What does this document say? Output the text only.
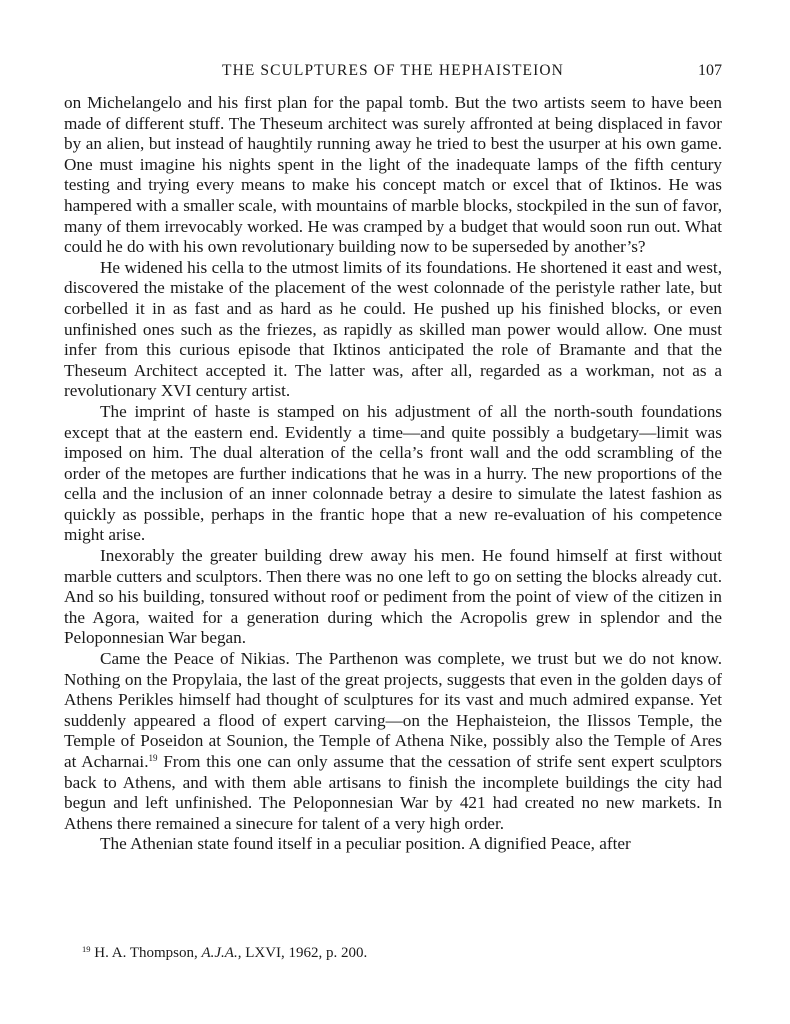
THE SCULPTURES OF THE HEPHAISTEION	107

on Michelangelo and his first plan for the papal tomb. But the two artists seem to have been made of different stuff. The Theseum architect was surely affronted at being displaced in favor by an alien, but instead of haughtily running away he tried to best the usurper at his own game. One must imagine his nights spent in the light of the inadequate lamps of the fifth century testing and trying every means to make his concept match or excel that of Iktinos. He was hampered with a smaller scale, with mountains of marble blocks, stockpiled in the sun of favor, many of them irrevocably worked. He was cramped by a budget that would soon run out. What could he do with his own revolutionary building now to be superseded by another’s?

He widened his cella to the utmost limits of its foundations. He shortened it east and west, discovered the mistake of the placement of the west colonnade of the peristyle rather late, but corbelled it in as fast and as hard as he could. He pushed up his finished blocks, or even unfinished ones such as the friezes, as rapidly as skilled man power would allow. One must infer from this curious episode that Iktinos anticipated the role of Bramante and that the Theseum Architect accepted it. The latter was, after all, regarded as a workman, not as a revolutionary XVI century artist.

The imprint of haste is stamped on his adjustment of all the north-south foundations except that at the eastern end. Evidently a time—and quite possibly a budgetary—limit was imposed on him. The dual alteration of the cella’s front wall and the odd scrambling of the order of the metopes are further indications that he was in a hurry. The new proportions of the cella and the inclusion of an inner colonnade betray a desire to simulate the latest fashion as quickly as possible, perhaps in the frantic hope that a new re-evaluation of his competence might arise.

Inexorably the greater building drew away his men. He found himself at first without marble cutters and sculptors. Then there was no one left to go on setting the blocks already cut. And so his building, tonsured without roof or pediment from the point of view of the citizen in the Agora, waited for a generation during which the Acropolis grew in splendor and the Peloponnesian War began.

Came the Peace of Nikias. The Parthenon was complete, we trust but we do not know. Nothing on the Propylaia, the last of the great projects, suggests that even in the golden days of Athens Perikles himself had thought of sculptures for its vast and much admired expanse. Yet suddenly appeared a flood of expert carving—on the Hephaisteion, the Ilissos Temple, the Temple of Poseidon at Sounion, the Temple of Athena Nike, possibly also the Temple of Ares at Acharnai.$^{19}$ From this one can only assume that the cessation of strife sent expert sculptors back to Athens, and with them able artisans to finish the incomplete buildings the city had begun and left unfinished. The Peloponnesian War by 421 had created no new markets. In Athens there remained a sinecure for talent of a very high order.

The Athenian state found itself in a peculiar position. A dignified Peace, after

$^{19}$ H. A. Thompson, A.J.A., LXVI, 1962, p. 200.
